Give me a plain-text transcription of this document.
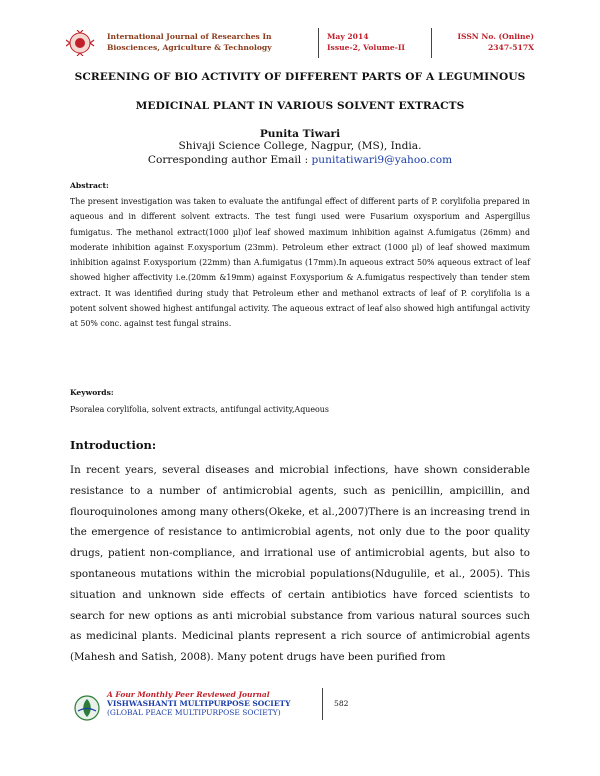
International Journal of Researches In
Biosciences, Agriculture & Technology
May 2014
Issue-2, Volume-II
ISSN No. (Online)
2347-517X
SCREENING OF BIO ACTIVITY OF DIFFERENT PARTS OF A LEGUMINOUS
MEDICINAL PLANT IN VARIOUS SOLVENT EXTRACTS
Punita Tiwari
Shivaji Science College, Nagpur, (MS), India.
Corresponding author Email : punitatiwari9@yahoo.com
Abstract:
The present investigation was taken to evaluate the antifungal effect of different parts of P. corylifolia prepared in aqueous and in different solvent extracts. The test fungi used were Fusarium oxysporium and Aspergillus fumigatus. The methanol extract(1000 µl)of leaf showed maximum inhibition against A.fumigatus (26mm) and moderate inhibition against F.oxysporium (23mm). Petroleum ether extract (1000 µl) of leaf showed maximum inhibition against F.oxysporium (22mm) than A.fumigatus (17mm).In aqueous extract 50% aqueous extract of leaf showed higher affectivity i.e.(20mm &19mm) against F.oxysporium & A.fumigatus respectively than tender stem extract. It was identified during study that Petroleum ether and methanol extracts of leaf of P. corylifolia is a potent solvent showed highest antifungal activity. The aqueous extract of leaf also showed high antifungal activity at 50% conc. against test fungal strains.
Keywords:
Psoralea corylifolia, solvent extracts, antifungal activity,Aqueous
Introduction:
In recent years, several diseases and microbial infections, have shown considerable resistance to a number of antimicrobial agents, such as penicillin, ampicillin, and flouroquinolones among many others(Okeke, et al.,2007)There is an increasing trend in the emergence of resistance to antimicrobial agents, not only due to the poor quality drugs, patient non-compliance, and irrational use of antimicrobial agents, but also to spontaneous mutations within the microbial populations(Ndugulile, et al., 2005). This situation and unknown side effects of certain antibiotics have forced scientists to search for new options as anti microbial substance from various natural sources such as medicinal plants. Medicinal plants represent a rich source of antimicrobial agents (Mahesh and Satish, 2008). Many potent drugs have been purified from
A Four Monthly Peer Reviewed Journal
VISHWASHANTI MULTIPURPOSE SOCIETY
(GLOBAL PEACE MULTIPURPOSE SOCIETY)
582
